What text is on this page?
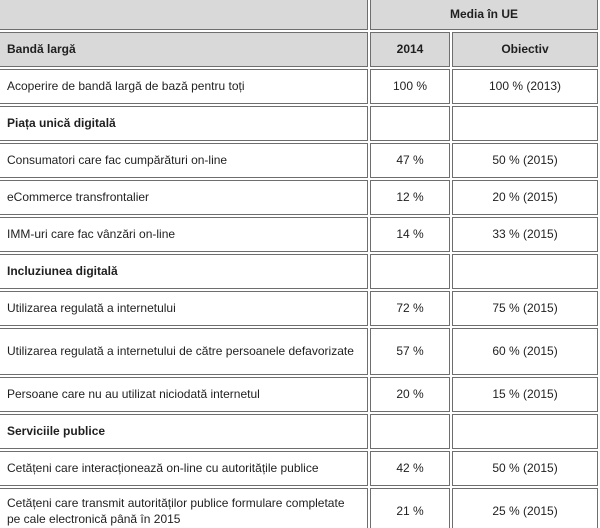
	Media în UE	
Bandă largă	2014	Obiectiv
Acoperire de bandă largă de bază pentru toți	100 %	100 % (2013)
Piața unică digitală		
Consumatori care fac cumpărături on-line	47 %	50 % (2015)
eCommerce transfrontalier	12 %	20 % (2015)
IMM-uri care fac vânzări on-line	14 %	33 % (2015)
Incluziunea digitală		
Utilizarea regulată a internetului	72 %	75 % (2015)
Utilizarea regulată a internetului de către persoanele defavorizate	57 %	60 % (2015)
Persoane care nu au utilizat niciodată internetul	20 %	15 % (2015)
Serviciile publice		
Cetățeni care interacționează on-line cu autoritățile publice	42 %	50 % (2015)
Cetățeni care transmit autorităților publice formulare completate pe cale electronică până în 2015	21 %	25 % (2015)
